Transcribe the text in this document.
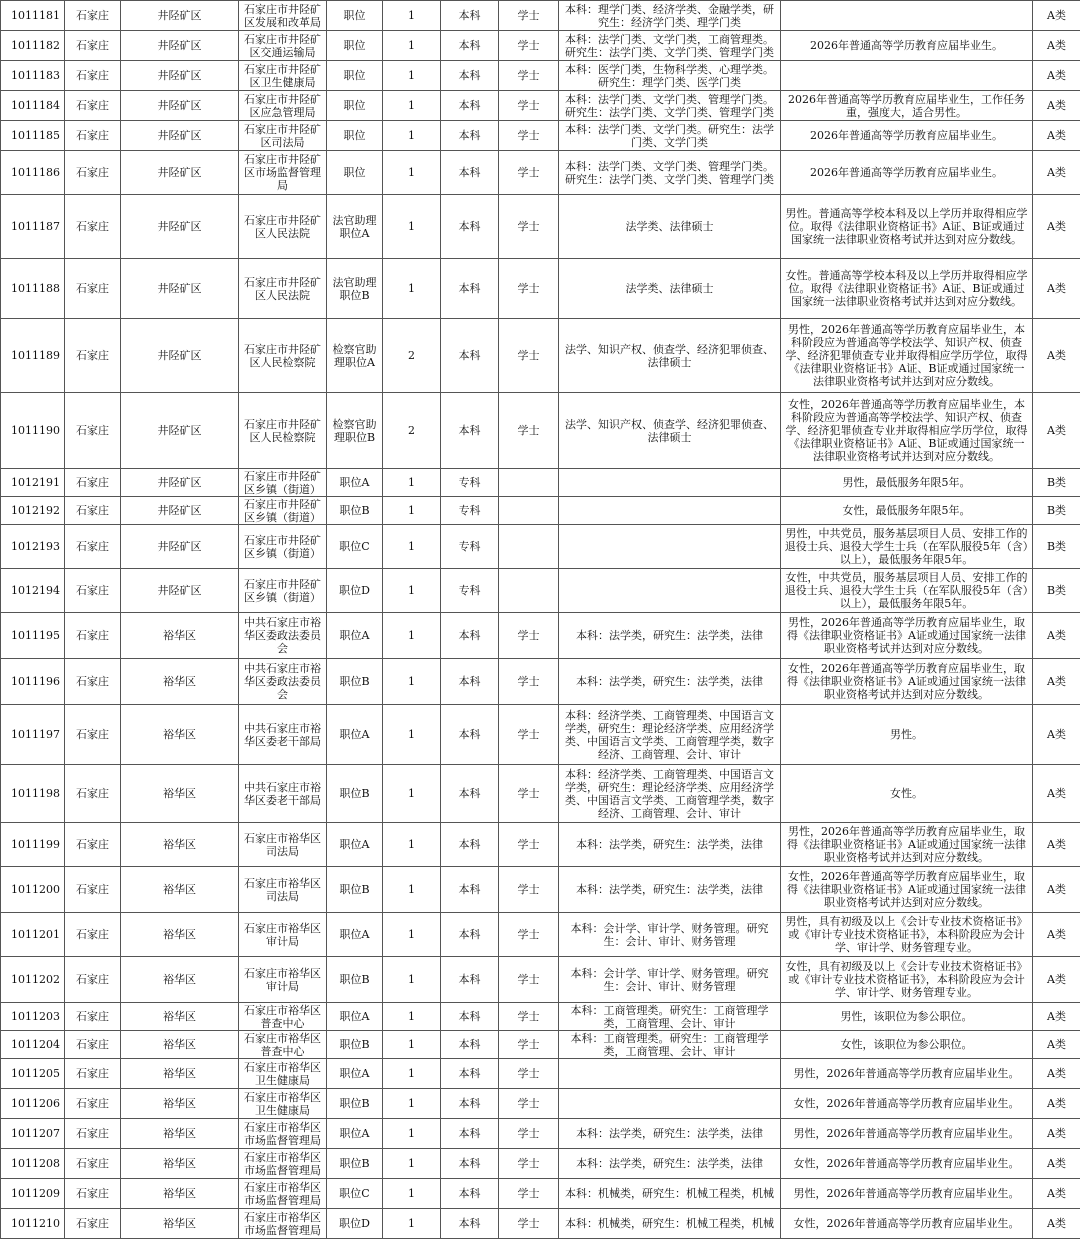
1011181	石家庄	井陉矿区	石家庄市井陉矿区发展和改革局	职位	1	本科	学士	本科：理学门类、经济学类、金融学类，研究生：经济学门类、理学门类		A类
1011182	石家庄	井陉矿区	石家庄市井陉矿区交通运输局	职位	1	本科	学士	本科：法学门类、文学门类，工商管理类。研究生：法学门类、文学门类、管理学门类	2026年普通高等学历教育应届毕业生。	A类
1011183	石家庄	井陉矿区	石家庄市井陉矿区卫生健康局	职位	1	本科	学士	本科：医学门类，生物科学类、心理学类。研究生：理学门类、医学门类		A类
1011184	石家庄	井陉矿区	石家庄市井陉矿区应急管理局	职位	1	本科	学士	本科：法学门类、文学门类、管理学门类。研究生：法学门类、文学门类、管理学门类	2026年普通高等学历教育应届毕业生，工作任务重，强度大，适合男性。	A类
1011185	石家庄	井陉矿区	石家庄市井陉矿区司法局	职位	1	本科	学士	本科：法学门类、文学门类。研究生：法学门类、文学门类	2026年普通高等学历教育应届毕业生。	A类
1011186	石家庄	井陉矿区	石家庄市井陉矿区市场监督管理局	职位	1	本科	学士	本科：法学门类、文学门类、管理学门类。研究生：法学门类、文学门类、管理学门类	2026年普通高等学历教育应届毕业生。	A类
1011187	石家庄	井陉矿区	石家庄市井陉矿区人民法院	法官助理职位A	1	本科	学士	法学类、法律硕士	男性。普通高等学校本科及以上学历并取得相应学位。取得《法律职业资格证书》A证、B证或通过国家统一法律职业资格考试并达到对应分数线。	A类
1011188	石家庄	井陉矿区	石家庄市井陉矿区人民法院	法官助理职位B	1	本科	学士	法学类、法律硕士	女性。普通高等学校本科及以上学历并取得相应学位。取得《法律职业资格证书》A证、B证或通过国家统一法律职业资格考试并达到对应分数线。	A类
1011189	石家庄	井陉矿区	石家庄市井陉矿区人民检察院	检察官助理职位A	2	本科	学士	法学、知识产权、侦查学、经济犯罪侦查、法律硕士	男性，2026年普通高等学历教育应届毕业生，本科阶段应为普通高等学校法学、知识产权、侦查学、经济犯罪侦查专业并取得相应学历学位，取得《法律职业资格证书》A证、B证或通过国家统一法律职业资格考试并达到对应分数线。	A类
1011190	石家庄	井陉矿区	石家庄市井陉矿区人民检察院	检察官助理职位B	2	本科	学士	法学、知识产权、侦查学、经济犯罪侦查、法律硕士	女性，2026年普通高等学历教育应届毕业生，本科阶段应为普通高等学校法学、知识产权、侦查学、经济犯罪侦查专业并取得相应学历学位，取得《法律职业资格证书》A证、B证或通过国家统一法律职业资格考试并达到对应分数线。	A类
1012191	石家庄	井陉矿区	石家庄市井陉矿区乡镇（街道）	职位A	1	专科			男性，最低服务年限5年。	B类
1012192	石家庄	井陉矿区	石家庄市井陉矿区乡镇（街道）	职位B	1	专科			女性，最低服务年限5年。	B类
1012193	石家庄	井陉矿区	石家庄市井陉矿区乡镇（街道）	职位C	1	专科			男性，中共党员，服务基层项目人员、安排工作的退役士兵、退役大学生士兵（在军队服役5年（含）以上），最低服务年限5年。	B类
1012194	石家庄	井陉矿区	石家庄市井陉矿区乡镇（街道）	职位D	1	专科			女性，中共党员，服务基层项目人员、安排工作的退役士兵、退役大学生士兵（在军队服役5年（含）以上），最低服务年限5年。	B类
1011195	石家庄	裕华区	中共石家庄市裕华区委政法委员会	职位A	1	本科	学士	本科：法学类，研究生：法学类，法律	男性，2026年普通高等学历教育应届毕业生，取得《法律职业资格证书》A证或通过国家统一法律职业资格考试并达到对应分数线。	A类
1011196	石家庄	裕华区	中共石家庄市裕华区委政法委员会	职位B	1	本科	学士	本科：法学类，研究生：法学类，法律	女性，2026年普通高等学历教育应届毕业生，取得《法律职业资格证书》A证或通过国家统一法律职业资格考试并达到对应分数线。	A类
1011197	石家庄	裕华区	中共石家庄市裕华区委老干部局	职位A	1	本科	学士	本科：经济学类、工商管理类、中国语言文学类，研究生：理论经济学类、应用经济学类、中国语言文学类、工商管理学类，数字经济、工商管理、会计、审计	男性。	A类
1011198	石家庄	裕华区	中共石家庄市裕华区委老干部局	职位B	1	本科	学士	本科：经济学类、工商管理类、中国语言文学类，研究生：理论经济学类、应用经济学类、中国语言文学类、工商管理学类，数字经济、工商管理、会计、审计	女性。	A类
1011199	石家庄	裕华区	石家庄市裕华区司法局	职位A	1	本科	学士	本科：法学类，研究生：法学类，法律	男性，2026年普通高等学历教育应届毕业生，取得《法律职业资格证书》A证或通过国家统一法律职业资格考试并达到对应分数线。	A类
1011200	石家庄	裕华区	石家庄市裕华区司法局	职位B	1	本科	学士	本科：法学类，研究生：法学类，法律	女性，2026年普通高等学历教育应届毕业生，取得《法律职业资格证书》A证或通过国家统一法律职业资格考试并达到对应分数线。	A类
1011201	石家庄	裕华区	石家庄市裕华区审计局	职位A	1	本科	学士	本科：会计学、审计学、财务管理。研究生：会计、审计、财务管理	男性，具有初级及以上《会计专业技术资格证书》或《审计专业技术资格证书》，本科阶段应为会计学、审计学、财务管理专业。	A类
1011202	石家庄	裕华区	石家庄市裕华区审计局	职位B	1	本科	学士	本科：会计学、审计学、财务管理。研究生：会计、审计、财务管理	女性，具有初级及以上《会计专业技术资格证书》或《审计专业技术资格证书》，本科阶段应为会计学、审计学、财务管理专业。	A类
1011203	石家庄	裕华区	石家庄市裕华区普查中心	职位A	1	本科	学士	本科：工商管理类。研究生：工商管理学类，工商管理、会计、审计	男性，该职位为参公职位。	A类
1011204	石家庄	裕华区	石家庄市裕华区普查中心	职位B	1	本科	学士	本科：工商管理类。研究生：工商管理学类，工商管理、会计、审计	女性，该职位为参公职位。	A类
1011205	石家庄	裕华区	石家庄市裕华区卫生健康局	职位A	1	本科	学士		男性，2026年普通高等学历教育应届毕业生。	A类
1011206	石家庄	裕华区	石家庄市裕华区卫生健康局	职位B	1	本科	学士		女性，2026年普通高等学历教育应届毕业生。	A类
1011207	石家庄	裕华区	石家庄市裕华区市场监督管理局	职位A	1	本科	学士	本科：法学类，研究生：法学类，法律	男性，2026年普通高等学历教育应届毕业生。	A类
1011208	石家庄	裕华区	石家庄市裕华区市场监督管理局	职位B	1	本科	学士	本科：法学类，研究生：法学类，法律	女性，2026年普通高等学历教育应届毕业生。	A类
1011209	石家庄	裕华区	石家庄市裕华区市场监督管理局	职位C	1	本科	学士	本科：机械类，研究生：机械工程类，机械	男性，2026年普通高等学历教育应届毕业生。	A类
1011210	石家庄	裕华区	石家庄市裕华区市场监督管理局	职位D	1	本科	学士	本科：机械类，研究生：机械工程类，机械	女性，2026年普通高等学历教育应届毕业生。	A类
